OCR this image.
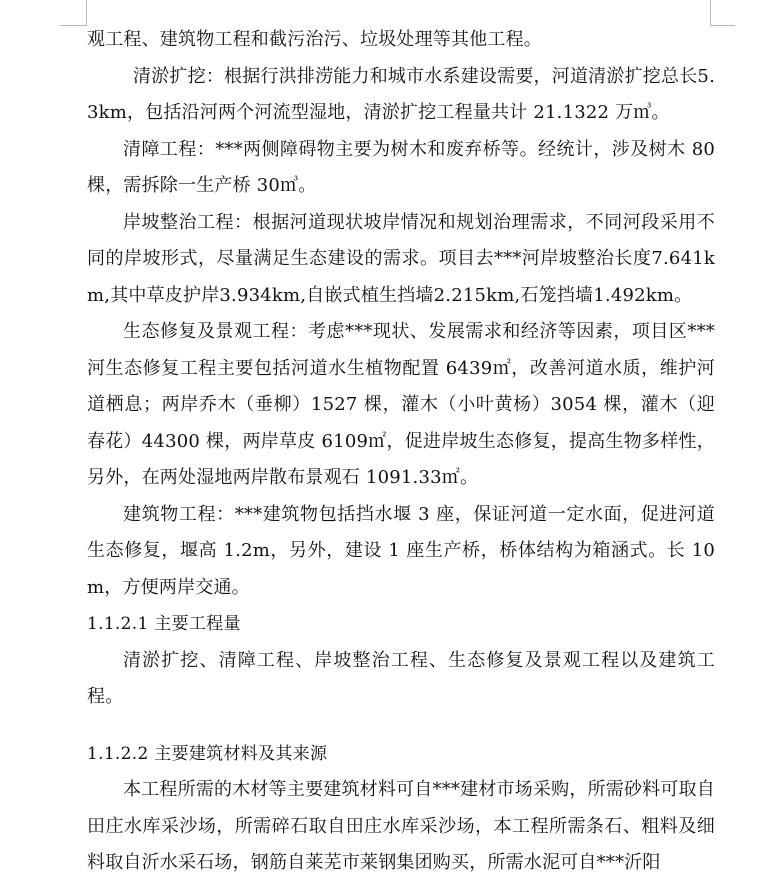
观工程、建筑物工程和截污治污、垃圾处理等其他工程。

清淤扩挖：根据行洪排涝能力和城市水系建设需要，河道清淤扩挖总长5.3km，包括沿河两个河流型湿地，清淤扩挖工程量共计 21.1322 万㎥。

清障工程：***两侧障碍物主要为树木和废弃桥等。经统计，涉及树木 80 棵，需拆除一生产桥 30㎥。

岸坡整治工程：根据河道现状坡岸情况和规划治理需求，不同河段采用不同的岸坡形式，尽量满足生态建设的需求。项目去***河岸坡整治长度7.641km,其中草皮护岸3.934km,自嵌式植生挡墙2.215km,石笼挡墙1.492km。

生态修复及景观工程：考虑***现状、发展需求和经济等因素，项目区***河生态修复工程主要包括河道水生植物配置 6439㎡，改善河道水质，维护河道栖息；两岸乔木（垂柳）1527 棵，灌木（小叶黄杨）3054 棵，灌木（迎春花）44300 棵，两岸草皮 6109㎡，促进岸坡生态修复，提高生物多样性，另外，在两处湿地两岸散布景观石 1091.33㎡。

建筑物工程：***建筑物包括挡水堰 3 座，保证河道一定水面，促进河道生态修复，堰高 1.2m，另外，建设 1 座生产桥，桥体结构为箱涵式。长 10m，方便两岸交通。

1.1.2.1 主要工程量

清淤扩挖、清障工程、岸坡整治工程、生态修复及景观工程以及建筑工程。

1.1.2.2 主要建筑材料及其来源

本工程所需的木材等主要建筑材料可自***建材市场采购，所需砂料可取自田庄水库采沙场，所需碎石取自田庄水库采沙场，本工程所需条石、粗料及细料取自沂水采石场，钢筋自莱芜市莱钢集团购买，所需水泥可自***沂阳
